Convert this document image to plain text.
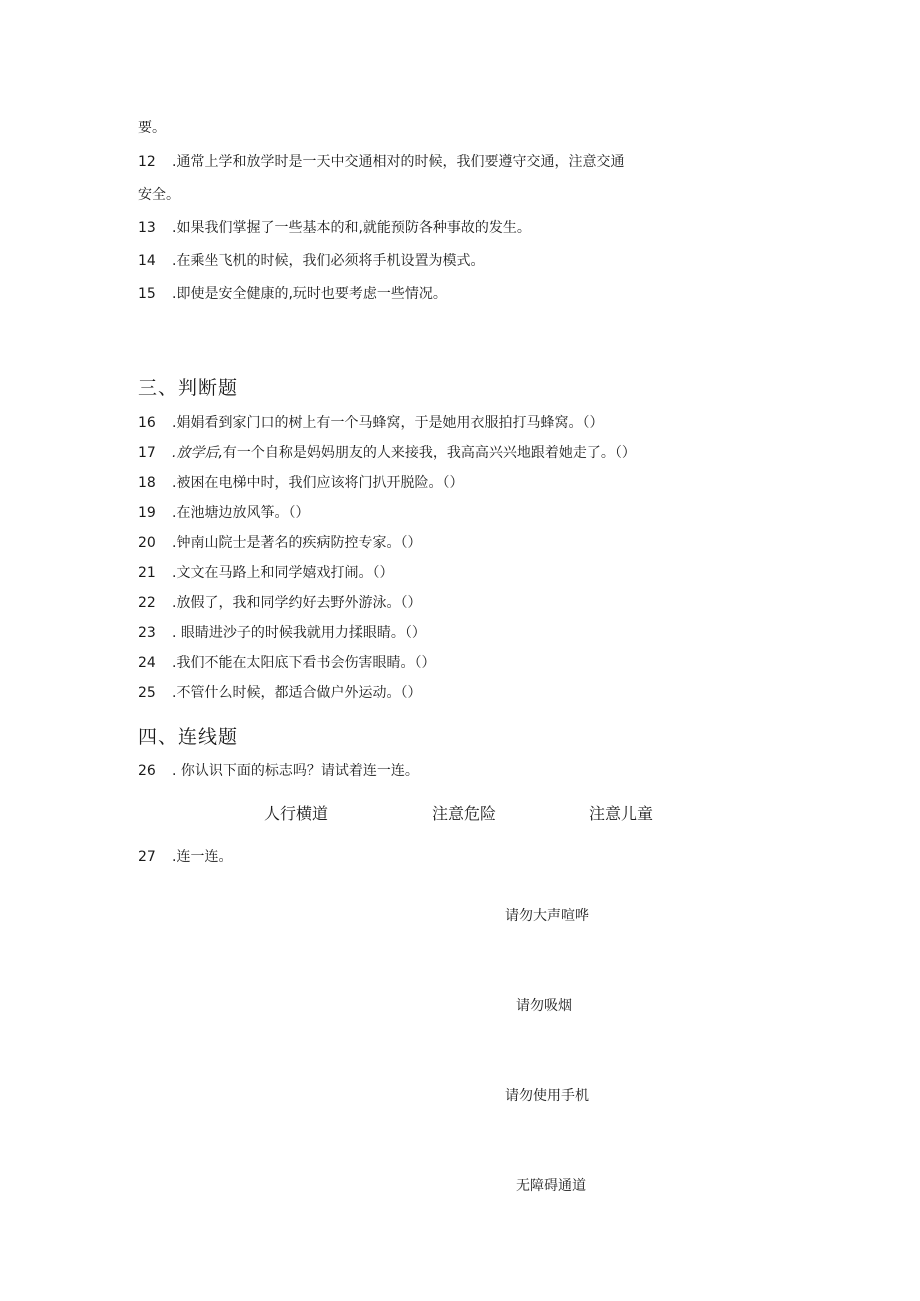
要。
12 .通常上学和放学时是一天中交通相对的时候，我们要遵守交通，注意交通
安全。
13 .如果我们掌握了一些基本的和,就能预防各种事故的发生。
14 .在乘坐飞机的时候，我们必须将手机设置为模式。
15 .即使是安全健康的,玩时也要考虑一些情况。
三、判断题
16 .娟娟看到家门口的树上有一个马蜂窝，于是她用衣服拍打马蜂窝。（）
17 .放学后,有一个自称是妈妈朋友的人来接我，我高高兴兴地跟着她走了。（）
18 .被困在电梯中时，我们应该将门扒开脱险。（）
19 .在池塘边放风筝。（）
20 .钟南山院士是著名的疾病防控专家。（）
21 .文文在马路上和同学嬉戏打闹。（）
22 .放假了，我和同学约好去野外游泳。（）
23 . 眼睛进沙子的时候我就用力揉眼睛。（）
24 .我们不能在太阳底下看书会伤害眼睛。（）
25 .不管什么时候，都适合做户外运动。（）
四、连线题
26 . 你认识下面的标志吗？请试着连一连。
人行横道	注意危险	注意儿童
27 .连一连。
请勿大声喧哗
请勿吸烟
请勿使用手机
无障碍通道
